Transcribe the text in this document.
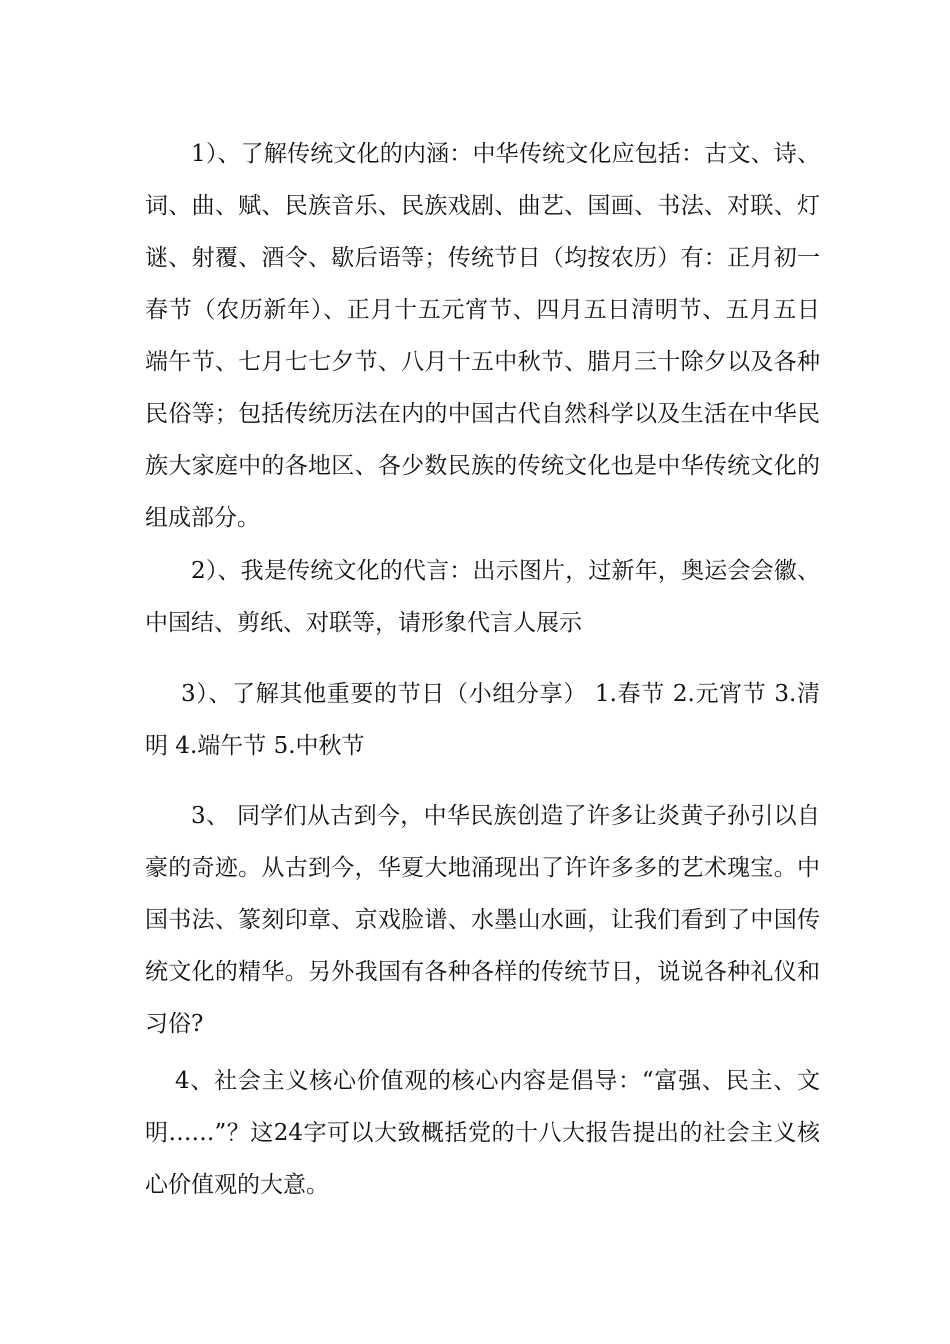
1）、了解传统文化的内涵：中华传统文化应包括：古文、诗、词、曲、赋、民族音乐、民族戏剧、曲艺、国画、书法、对联、灯谜、射覆、酒令、歇后语等；传统节日（均按农历）有：正月初一春节（农历新年）、正月十五元宵节、四月五日清明节、五月五日端午节、七月七七夕节、八月十五中秋节、腊月三十除夕以及各种民俗等；包括传统历法在内的中国古代自然科学以及生活在中华民族大家庭中的各地区、各少数民族的传统文化也是中华传统文化的组成部分。

2）、我是传统文化的代言：出示图片，过新年，奥运会会徽、中国结、剪纸、对联等，请形象代言人展示

3）、了解其他重要的节日（小组分享） 1.春节 2.元宵节 3.清明 4.端午节 5.中秋节

3、 同学们从古到今，中华民族创造了许多让炎黄子孙引以自豪的奇迹。从古到今，华夏大地涌现出了许许多多的艺术瑰宝。中国书法、篆刻印章、京戏脸谱、水墨山水画，让我们看到了中国传统文化的精华。另外我国有各种各样的传统节日，说说各种礼仪和习俗?

4、社会主义核心价值观的核心内容是倡导：“富强、民主、文明……”？这24字可以大致概括党的十八大报告提出的社会主义核心价值观的大意。
